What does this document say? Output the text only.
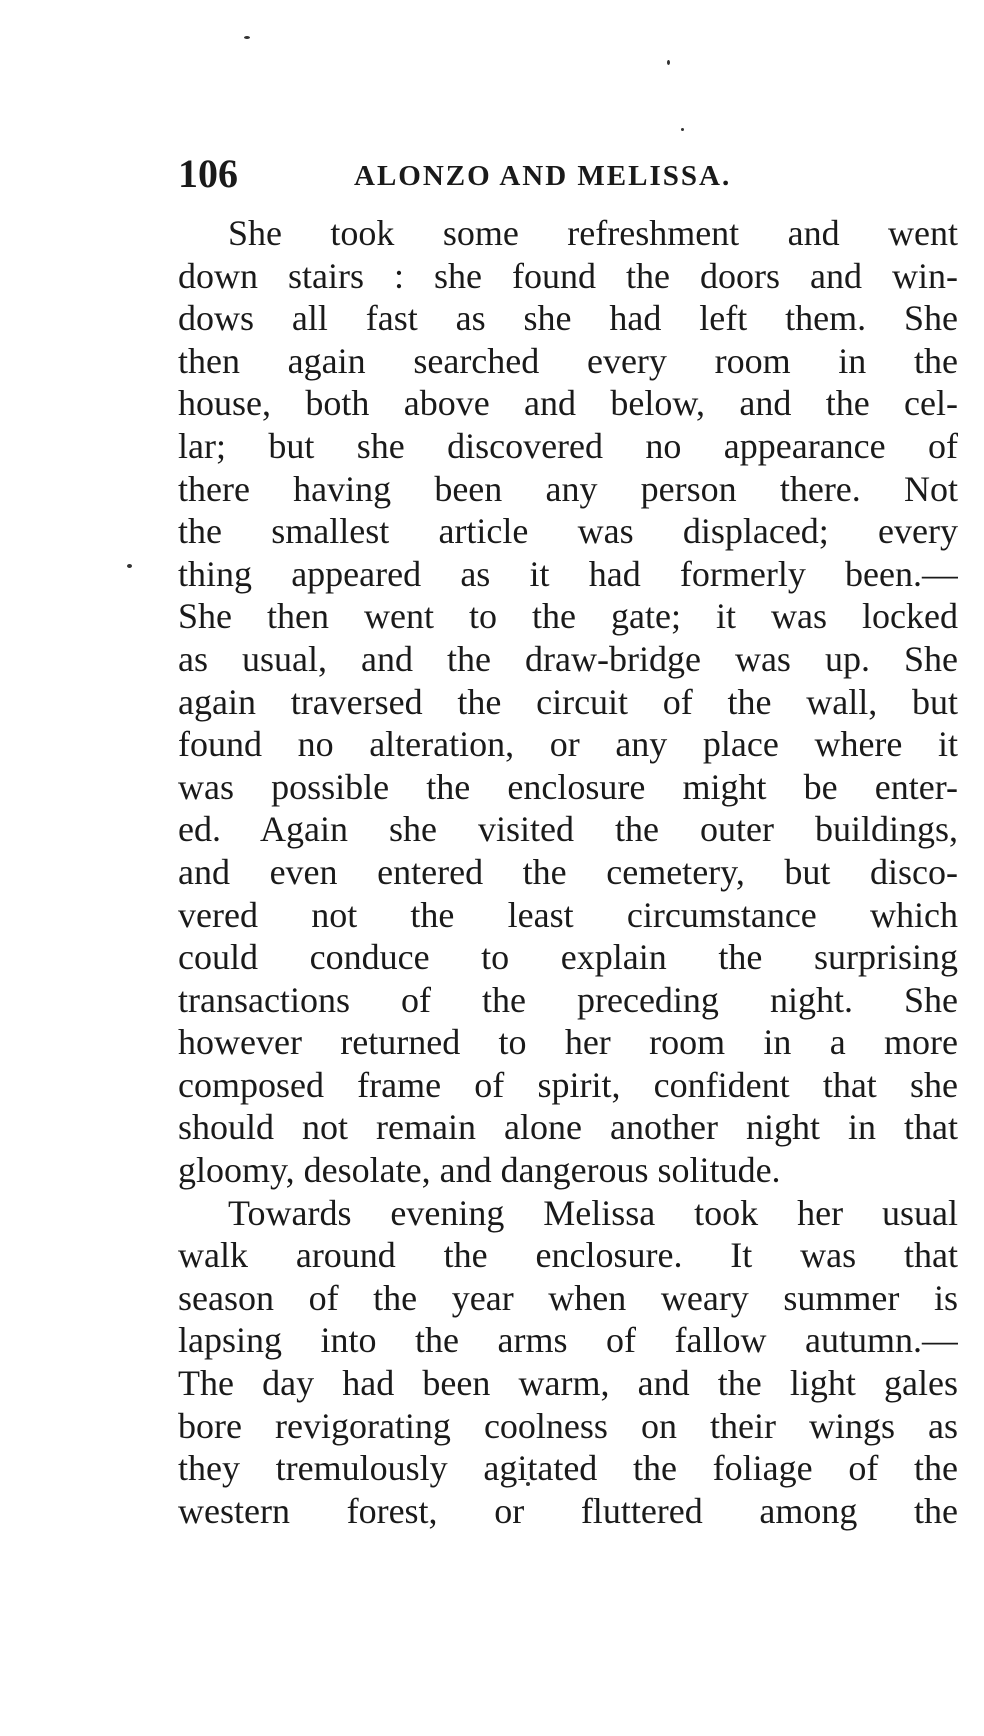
106	ALONZO AND MELISSA.
She took some refreshment and went
down stairs : she found the doors and win-
dows all fast as she had left them. She
then again searched every room in the
house, both above and below, and the cel-
lar; but she discovered no appearance of
there having been any person there. Not
the smallest article was displaced; every
thing appeared as it had formerly been.—
She then went to the gate; it was locked
as usual, and the draw-bridge was up. She
again traversed the circuit of the wall, but
found no alteration, or any place where it
was possible the enclosure might be enter-
ed. Again she visited the outer buildings,
and even entered the cemetery, but disco-
vered not the least circumstance which
could conduce to explain the surprising
transactions of the preceding night. She
however returned to her room in a more
composed frame of spirit, confident that she
should not remain alone another night in that
gloomy, desolate, and dangerous solitude.
Towards evening Melissa took her usual
walk around the enclosure. It was that
season of the year when weary summer is
lapsing into the arms of fallow autumn.—
The day had been warm, and the light gales
bore revigorating coolness on their wings as
they tremulously agitated the foliage of the
western forest, or fluttered among the
